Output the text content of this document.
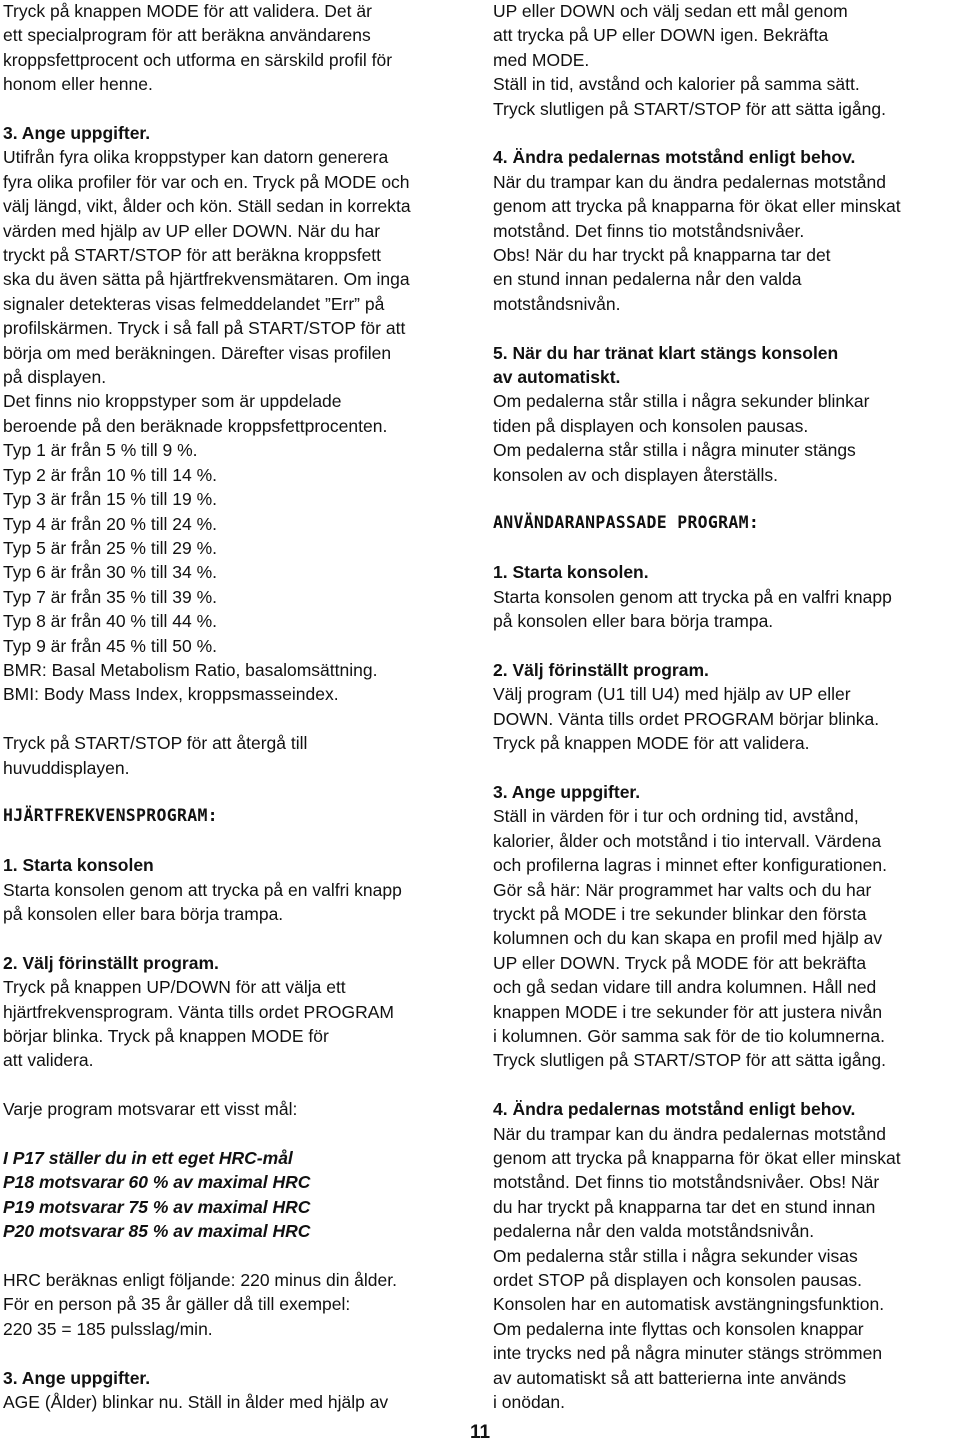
Tryck på knappen MODE för att validera. Det är
ett specialprogram för att beräkna användarens
kroppsfettprocent och utforma en särskild profil för
honom eller henne.
3. Ange uppgifter.
Utifrån fyra olika kroppstyper kan datorn generera
fyra olika profiler för var och en. Tryck på MODE och
välj längd, vikt, ålder och kön. Ställ sedan in korrekta
värden med hjälp av UP eller DOWN. När du har
tryckt på START/STOP för att beräkna kroppsfett
ska du även sätta på hjärtfrekvensmätaren. Om inga
signaler detekteras visas felmeddelandet ”Err” på
profilskärmen. Tryck i så fall på START/STOP för att
börja om med beräkningen. Därefter visas profilen
på displayen.
Det finns nio kroppstyper som är uppdelade
beroende på den beräknade kroppsfettprocenten.
Typ 1 är från 5 % till 9 %.
Typ 2 är från 10 % till 14 %.
Typ 3 är från 15 % till 19 %.
Typ 4 är från 20 % till 24 %.
Typ 5 är från 25 % till 29 %.
Typ 6 är från 30 % till 34 %.
Typ 7 är från 35 % till 39 %.
Typ 8 är från 40 % till 44 %.
Typ 9 är från 45 % till 50 %.
BMR: Basal Metabolism Ratio, basalomsättning.
BMI: Body Mass Index, kroppsmasseindex.
Tryck på START/STOP för att återgå till
huvuddisplayen.
HJÄRTFREKVENSPROGRAM:
1. Starta konsolen
Starta konsolen genom att trycka på en valfri knapp
på konsolen eller bara börja trampa.
2. Välj förinställt program.
Tryck på knappen UP/DOWN för att välja ett
hjärtfrekvensprogram. Vänta tills ordet PROGRAM
börjar blinka. Tryck på knappen MODE för
att validera.
Varje program motsvarar ett visst mål:
I P17 ställer du in ett eget HRC-mål
P18 motsvarar 60 % av maximal HRC
P19 motsvarar 75 % av maximal HRC
P20 motsvarar 85 % av maximal HRC
HRC beräknas enligt följande: 220 minus din ålder.
För en person på 35 år gäller då till exempel:
220 35 = 185 pulsslag/min.
3. Ange uppgifter.
AGE (Ålder) blinkar nu. Ställ in ålder med hjälp av
UP eller DOWN och välj sedan ett mål genom
att trycka på UP eller DOWN igen. Bekräfta
med MODE.
Ställ in tid, avstånd och kalorier på samma sätt.
Tryck slutligen på START/STOP för att sätta igång.
4. Ändra pedalernas motstånd enligt behov.
När du trampar kan du ändra pedalernas motstånd
genom att trycka på knapparna för ökat eller minskat
motstånd. Det finns tio motståndsnivåer.
Obs! När du har tryckt på knapparna tar det
en stund innan pedalerna når den valda
motståndsnivån.
5. När du har tränat klart stängs konsolen
av automatiskt.
Om pedalerna står stilla i några sekunder blinkar
tiden på displayen och konsolen pausas.
Om pedalerna står stilla i några minuter stängs
konsolen av och displayen återställs.
ANVÄNDARANPASSADE PROGRAM:
1. Starta konsolen.
Starta konsolen genom att trycka på en valfri knapp
på konsolen eller bara börja trampa.
2. Välj förinställt program.
Välj program (U1 till U4) med hjälp av UP eller
DOWN. Vänta tills ordet PROGRAM börjar blinka.
Tryck på knappen MODE för att validera.
3. Ange uppgifter.
Ställ in värden för i tur och ordning tid, avstånd,
kalorier, ålder och motstånd i tio intervall. Värdena
och profilerna lagras i minnet efter konfigurationen.
Gör så här: När programmet har valts och du har
tryckt på MODE i tre sekunder blinkar den första
kolumnen och du kan skapa en profil med hjälp av
UP eller DOWN. Tryck på MODE för att bekräfta
och gå sedan vidare till andra kolumnen. Håll ned
knappen MODE i tre sekunder för att justera nivån
i kolumnen. Gör samma sak för de tio kolumnerna.
Tryck slutligen på START/STOP för att sätta igång.
4. Ändra pedalernas motstånd enligt behov.
När du trampar kan du ändra pedalernas motstånd
genom att trycka på knapparna för ökat eller minskat
motstånd. Det finns tio motståndsnivåer. Obs! När
du har tryckt på knapparna tar det en stund innan
pedalerna når den valda motståndsnivån.
Om pedalerna står stilla i några sekunder visas
ordet STOP på displayen och konsolen pausas.
Konsolen har en automatisk avstängningsfunktion.
Om pedalerna inte flyttas och konsolen knappar
inte trycks ned på några minuter stängs strömmen
av automatiskt så att batterierna inte används
i onödan.
11
